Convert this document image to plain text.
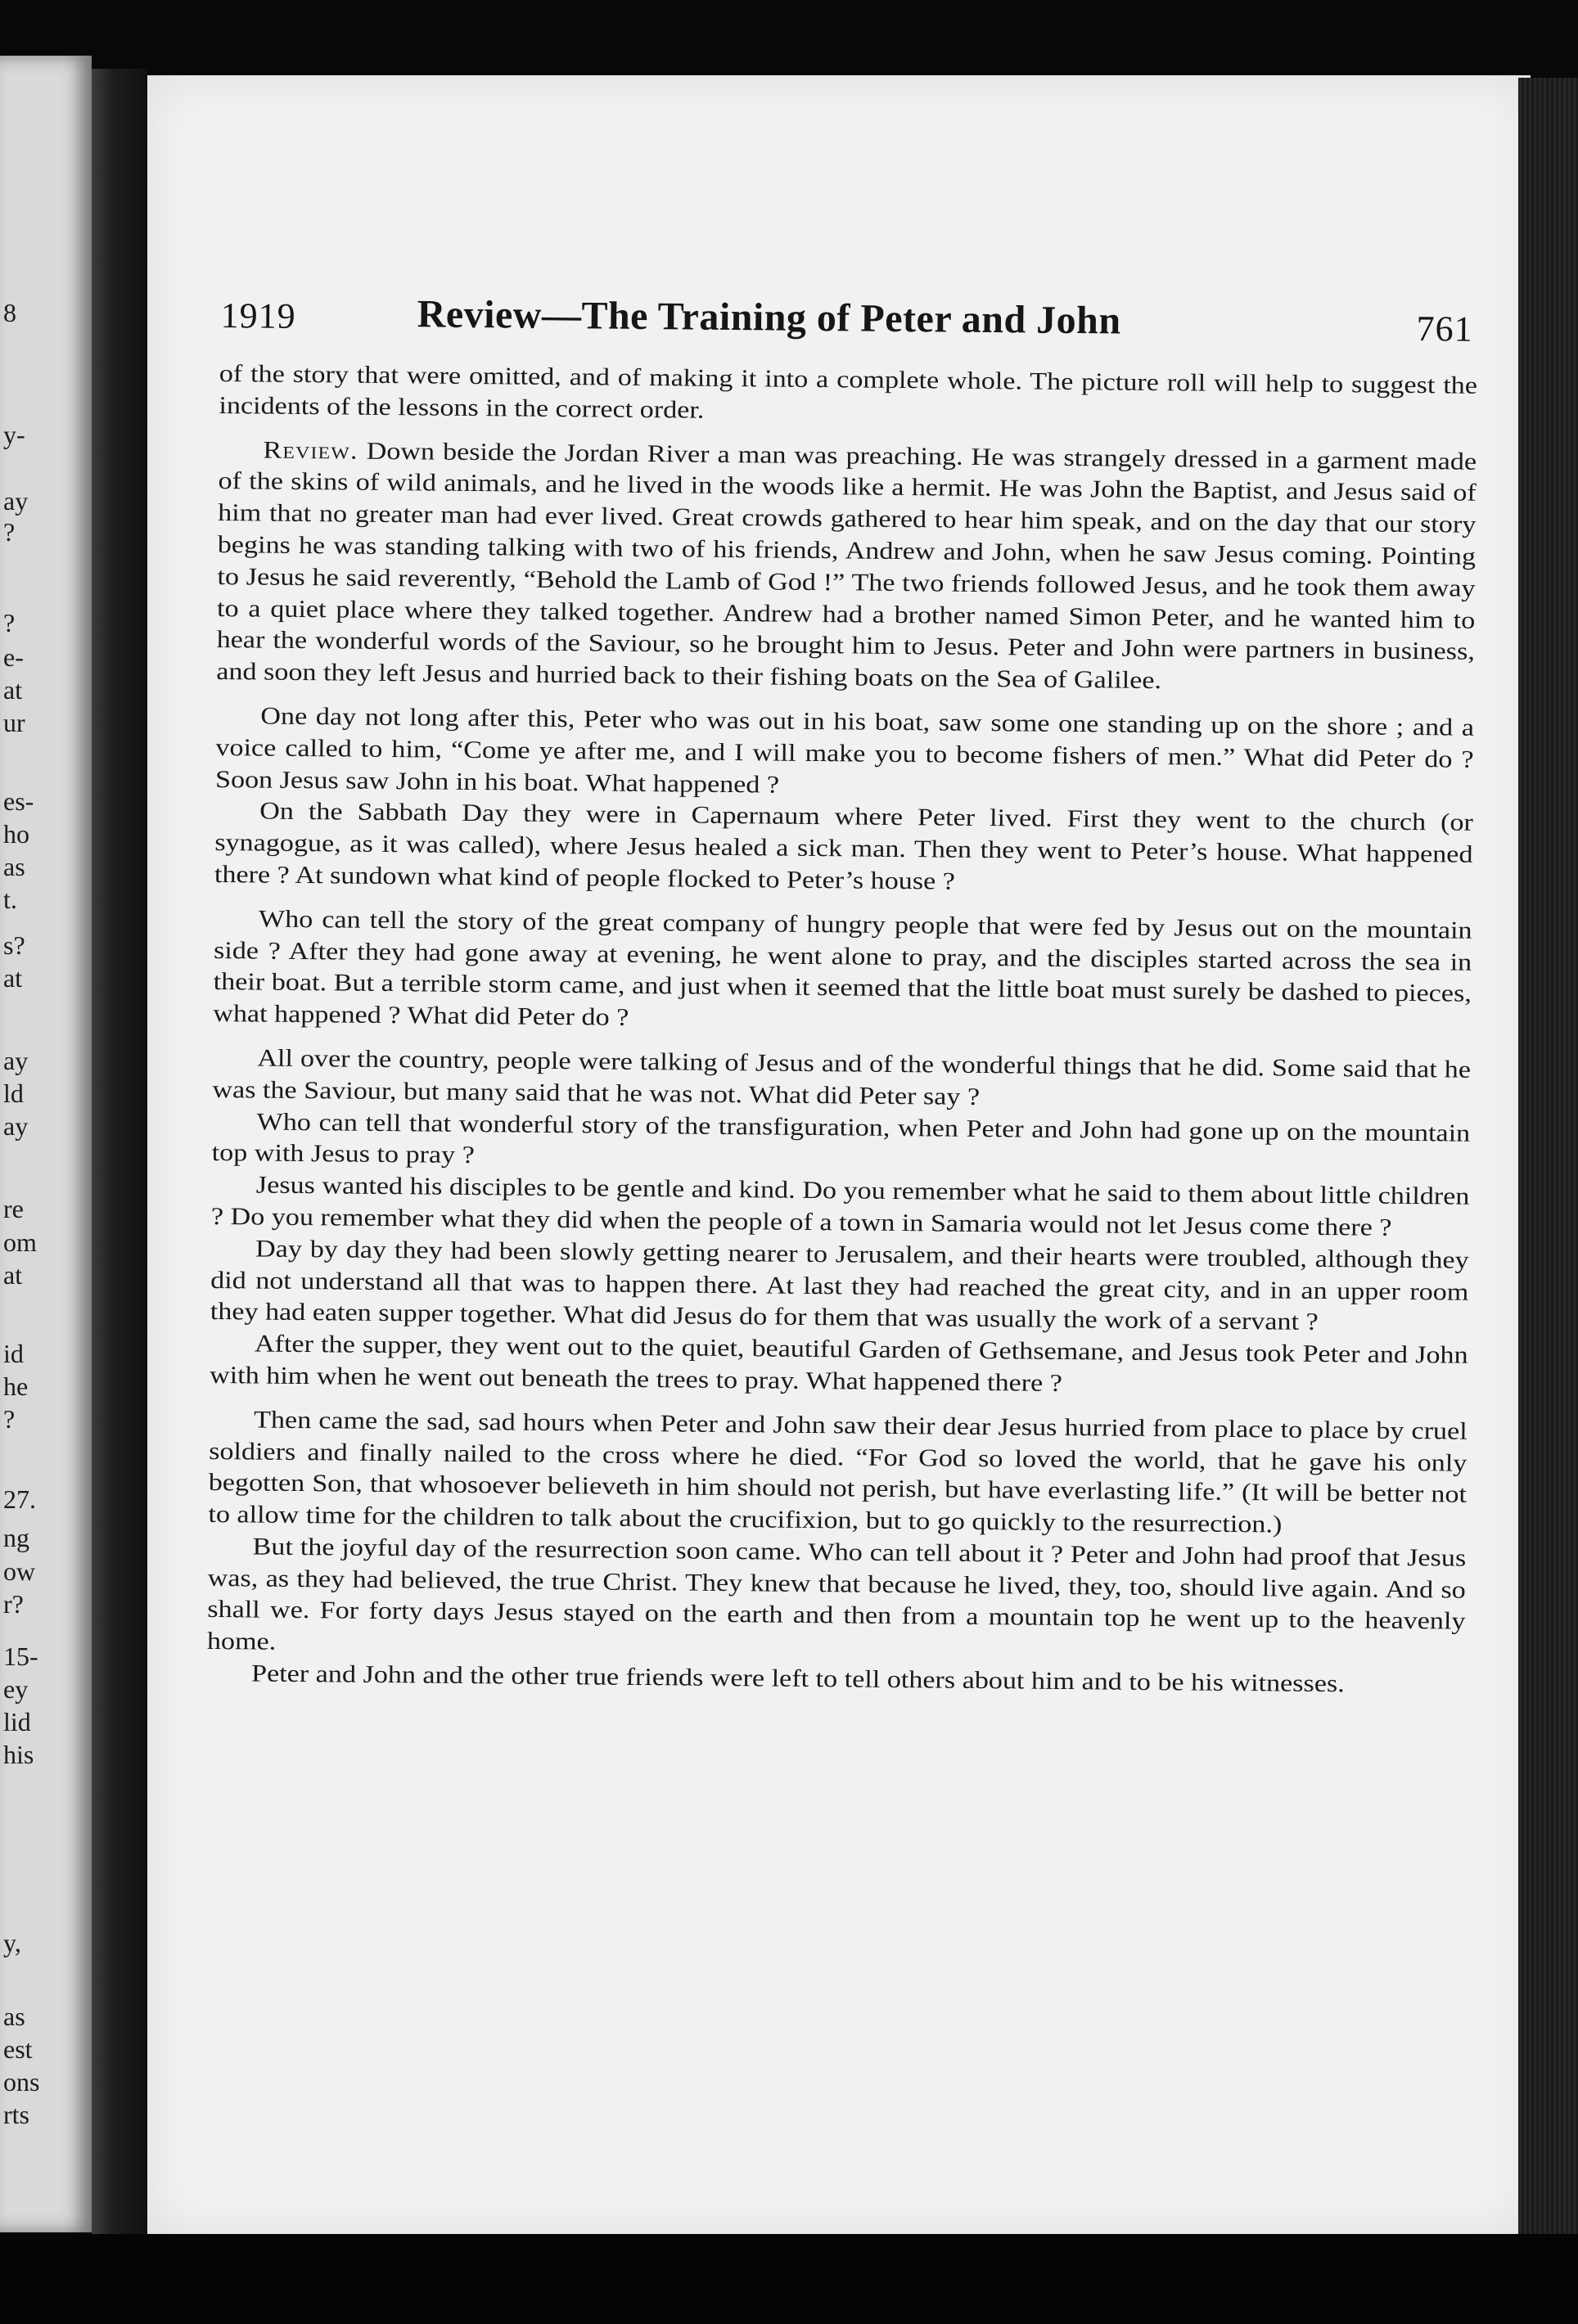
8
y-
ay
?
?
e-
at
ur
es-
ho
as
t.
s?
at
ay
ld
ay
re
om
at
id
he
?
27.
ng
ow
r?
15-
ey
lid
his
y,
as
est
ons
rts
1919	Review—The Training of Peter and John	761

of the story that were omitted, and of making it into a complete whole. The picture roll will help to suggest the incidents of the lessons in the correct order.

Review. Down beside the Jordan River a man was preaching. He was strangely dressed in a garment made of the skins of wild animals, and he lived in the woods like a hermit. He was John the Baptist, and Jesus said of him that no greater man had ever lived. Great crowds gathered to hear him speak, and on the day that our story begins he was standing talking with two of his friends, Andrew and John, when he saw Jesus coming. Pointing to Jesus he said reverently, “Behold the Lamb of God !” The two friends followed Jesus, and he took them away to a quiet place where they talked together. Andrew had a brother named Simon Peter, and he wanted him to hear the wonderful words of the Saviour, so he brought him to Jesus. Peter and John were partners in business, and soon they left Jesus and hurried back to their fishing boats on the Sea of Galilee.

One day not long after this, Peter who was out in his boat, saw some one standing up on the shore ; and a voice called to him, “Come ye after me, and I will make you to become fishers of men.” What did Peter do ? Soon Jesus saw John in his boat. What happened ?

On the Sabbath Day they were in Capernaum where Peter lived. First they went to the church (or synagogue, as it was called), where Jesus healed a sick man. Then they went to Peter’s house. What happened there ? At sundown what kind of people flocked to Peter’s house ?

Who can tell the story of the great company of hungry people that were fed by Jesus out on the mountain side ? After they had gone away at evening, he went alone to pray, and the disciples started across the sea in their boat. But a terrible storm came, and just when it seemed that the little boat must surely be dashed to pieces, what happened ? What did Peter do ?

All over the country, people were talking of Jesus and of the wonderful things that he did. Some said that he was the Saviour, but many said that he was not. What did Peter say ?

Who can tell that wonderful story of the transfiguration, when Peter and John had gone up on the mountain top with Jesus to pray ?

Jesus wanted his disciples to be gentle and kind. Do you remember what he said to them about little children ? Do you remember what they did when the people of a town in Samaria would not let Jesus come there ?

Day by day they had been slowly getting nearer to Jerusalem, and their hearts were troubled, although they did not understand all that was to happen there. At last they had reached the great city, and in an upper room they had eaten supper together. What did Jesus do for them that was usually the work of a servant ?

After the supper, they went out to the quiet, beautiful Garden of Gethsemane, and Jesus took Peter and John with him when he went out beneath the trees to pray. What happened there ?

Then came the sad, sad hours when Peter and John saw their dear Jesus hurried from place to place by cruel soldiers and finally nailed to the cross where he died. “For God so loved the world, that he gave his only begotten Son, that whosoever believeth in him should not perish, but have everlasting life.” (It will be better not to allow time for the children to talk about the crucifixion, but to go quickly to the resurrection.)

But the joyful day of the resurrection soon came. Who can tell about it ? Peter and John had proof that Jesus was, as they had believed, the true Christ. They knew that because he lived, they, too, should live again. And so shall we. For forty days Jesus stayed on the earth and then from a mountain top he went up to the heavenly home.

Peter and John and the other true friends were left to tell others about him and to be his witnesses.
